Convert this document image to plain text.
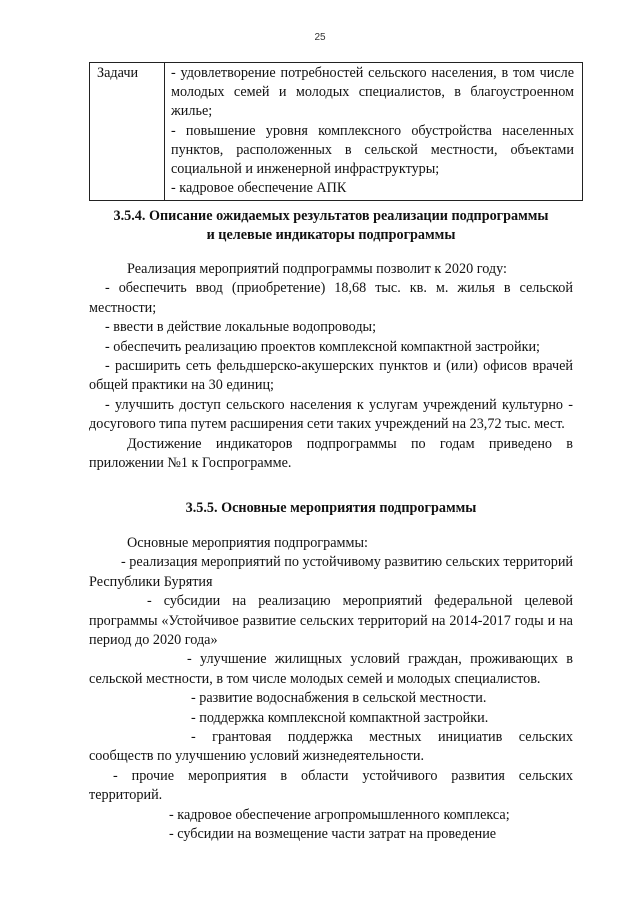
25
Задачи	- удовлетворение потребностей сельского населения, в том числе молодых семей и молодых специалистов, в благоустроенном жилье;
- повышение уровня комплексного обустройства населенных пунктов, расположенных в сельской местности, объектами социальной и инженерной инфраструктуры;
- кадровое обеспечение АПК

3.5.4. Описание ожидаемых результатов реализации подпрограммы

и целевые индикаторы подпрограммы

Реализация мероприятий подпрограммы позволит к 2020 году:

- обеспечить ввод (приобретение) 18,68 тыс. кв. м. жилья в сельской местности;

- ввести в действие локальные водопроводы;

- обеспечить реализацию проектов комплексной компактной застройки;

- расширить сеть фельдшерско-акушерских пунктов и (или) офисов врачей общей практики на 30 единиц;

- улучшить доступ сельского населения к услугам учреждений культурно - досугового типа путем расширения сети таких учреждений на 23,72 тыс. мест.

Достижение индикаторов подпрограммы по годам приведено в приложении №1 к Госпрограмме.

3.5.5. Основные мероприятия подпрограммы

Основные мероприятия подпрограммы:

- реализация мероприятий по устойчивому развитию сельских территорий Республики Бурятия

- субсидии на реализацию мероприятий федеральной целевой программы «Устойчивое развитие сельских территорий на 2014-2017 годы и на период до 2020 года»

- улучшение жилищных условий граждан, проживающих в сельской местности, в том числе молодых семей и молодых специалистов.

- развитие водоснабжения в сельской местности.

- поддержка комплексной компактной застройки.

- грантовая поддержка местных инициатив сельских сообществ по улучшению условий жизнедеятельности.

- прочие мероприятия в области устойчивого развития сельских территорий.

- кадровое обеспечение агропромышленного комплекса;

- субсидии на возмещение части затрат на проведение
